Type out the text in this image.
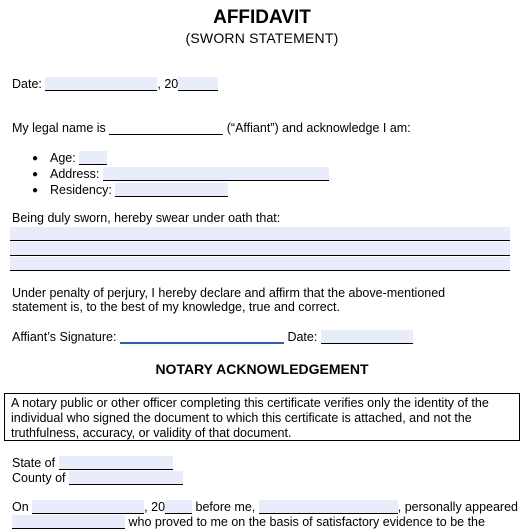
AFFIDAVIT
(SWORN STATEMENT)
Date:	, 20
My legal name is	(“Affiant”) and acknowledge I am:
● Age:
● Address:
● Residency:
Being duly sworn, hereby swear under oath that:
Under penalty of perjury, I hereby declare and affirm that the above-mentioned
statement is, to the best of my knowledge, true and correct.
Affiant’s Signature:	Date:
NOTARY ACKNOWLEDGEMENT
A notary public or other officer completing this certificate verifies only the identity of the individual who signed the document to which this certificate is attached, and not the truthfulness, accuracy, or validity of that document.
State of
County of
On	, 20 before me,	, personally appeared
who proved to me on the basis of satisfactory evidence to be the
